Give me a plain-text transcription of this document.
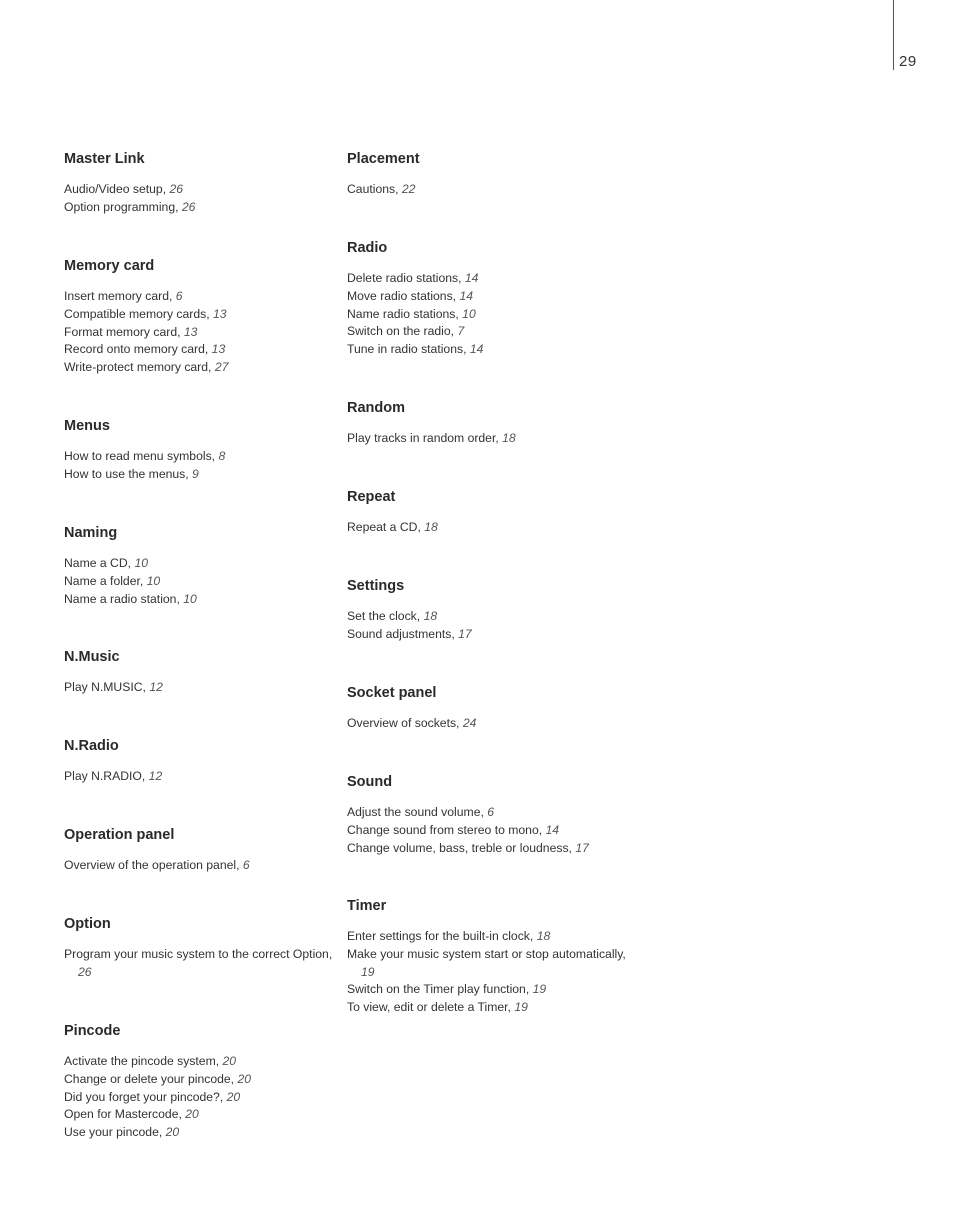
29
Master Link
Audio/Video setup, 26
Option programming, 26
Memory card
Insert memory card, 6
Compatible memory cards, 13
Format memory card, 13
Record onto memory card, 13
Write-protect memory card, 27
Menus
How to read menu symbols, 8
How to use the menus, 9
Naming
Name a CD, 10
Name a folder, 10
Name a radio station, 10
N.Music
Play N.MUSIC, 12
N.Radio
Play N.RADIO, 12
Operation panel
Overview of the operation panel, 6
Option
Program your music system to the correct Option, 26
Pincode
Activate the pincode system, 20
Change or delete your pincode, 20
Did you forget your pincode?, 20
Open for Mastercode, 20
Use your pincode, 20
Placement
Cautions, 22
Radio
Delete radio stations, 14
Move radio stations, 14
Name radio stations, 10
Switch on the radio, 7
Tune in radio stations, 14
Random
Play tracks in random order, 18
Repeat
Repeat a CD, 18
Settings
Set the clock, 18
Sound adjustments, 17
Socket panel
Overview of sockets, 24
Sound
Adjust the sound volume, 6
Change sound from stereo to mono, 14
Change volume, bass, treble or loudness, 17
Timer
Enter settings for the built-in clock, 18
Make your music system start or stop automatically, 19
Switch on the Timer play function, 19
To view, edit or delete a Timer, 19
